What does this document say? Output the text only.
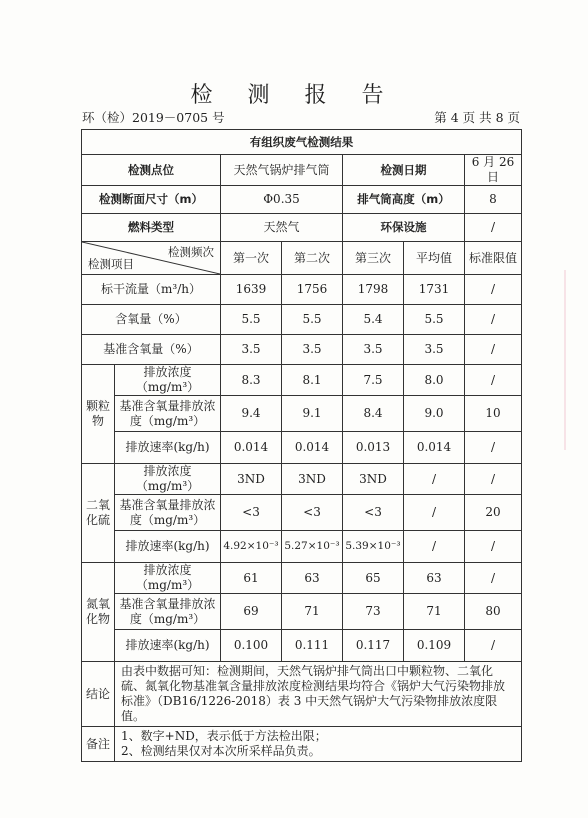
检 测 报 告
环（检）2019－0705 号	第 4 页 共 8 页
有组织废气检测结果						
检测点位		天然气锅炉排气筒		检测日期		6 月 26 日
检测断面尺寸（m）		Φ0.35		排气筒高度（m）		8
燃料类型		天然气		环保设施		/

检测频次
检测项目		第一次	第二次	第三次	平均值	标准限值
标干流量（m³/h）		1639	1756	1798	1731	/
含氧量（%）		5.5	5.5	5.4	5.5	/
基准含氧量（%）		3.5	3.5	3.5	3.5	/
颗粒物	排放浓度（mg/m³）	8.3	8.1	7.5	8.0	/
	基准含氧量排放浓度（mg/m³）	9.4	9.1	8.4	9.0	10
	排放速率(kg/h)	0.014	0.014	0.013	0.014	/
二氧化硫	排放浓度（mg/m³）	3ND	3ND	3ND	/	/
	基准含氧量排放浓度（mg/m³）	<3	<3	<3	/	20
	排放速率(kg/h)	4.92×10⁻³	5.27×10⁻³	5.39×10⁻³	/	/
氮氧化物	排放浓度（mg/m³）	61	63	65	63	/
	基准含氧量排放浓度（mg/m³）	69	71	73	71	80
	排放速率(kg/h)	0.100	0.111	0.117	0.109	/
结论	由表中数据可知：检测期间，天然气锅炉排气筒出口中颗粒物、二氧化硫、氮氧化物基准氧含量排放浓度检测结果均符合《锅炉大气污染物排放标准》（DB16/1226-2018）表 3 中天然气锅炉大气污染物排放浓度限值。					
备注	1、数字+ND，表示低于方法检出限；
2、检测结果仅对本次所采样品负责。					
